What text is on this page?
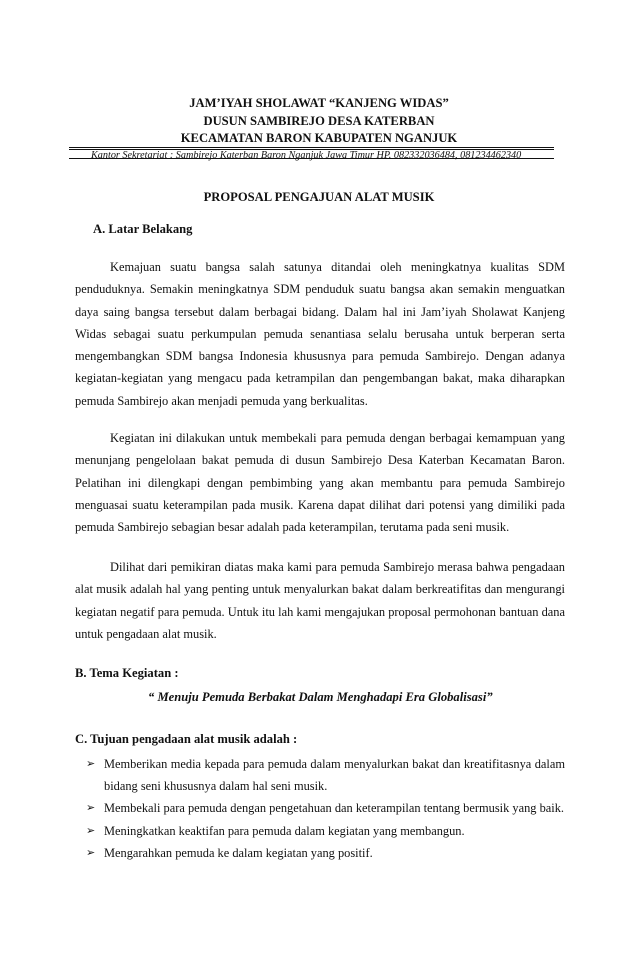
JAM’IYAH SHOLAWAT “KANJENG WIDAS”
DUSUN SAMBIREJO DESA KATERBAN
KECAMATAN BARON KABUPATEN NGANJUK
Kantor Sekretariat : Sambirejo Katerban Baron Nganjuk Jawa Timur HP. 082332036484, 081234462340
PROPOSAL PENGAJUAN ALAT MUSIK
A. Latar Belakang
Kemajuan suatu bangsa salah satunya ditandai oleh meningkatnya kualitas SDM penduduknya. Semakin meningkatnya SDM penduduk suatu bangsa akan semakin menguatkan daya saing bangsa tersebut dalam berbagai bidang. Dalam hal ini Jam’iyah Sholawat Kanjeng Widas sebagai suatu perkumpulan pemuda senantiasa selalu berusaha untuk berperan serta mengembangkan SDM bangsa Indonesia khususnya para pemuda Sambirejo. Dengan adanya kegiatan-kegiatan yang mengacu pada ketrampilan dan pengembangan bakat, maka diharapkan pemuda Sambirejo akan menjadi pemuda yang berkualitas.
Kegiatan ini dilakukan untuk membekali para pemuda dengan berbagai kemampuan yang menunjang pengelolaan bakat pemuda di dusun Sambirejo Desa Katerban Kecamatan Baron. Pelatihan ini dilengkapi dengan pembimbing yang akan membantu para pemuda Sambirejo menguasai suatu keterampilan pada musik. Karena dapat dilihat dari potensi yang dimiliki pada pemuda Sambirejo sebagian besar adalah pada keterampilan, terutama pada seni musik.
Dilihat dari pemikiran diatas maka kami para pemuda Sambirejo merasa bahwa pengadaan alat musik adalah hal yang penting untuk menyalurkan bakat dalam berkreatifitas dan mengurangi kegiatan negatif para pemuda. Untuk itu lah kami mengajukan proposal permohonan bantuan dana untuk pengadaan alat musik.
B. Tema Kegiatan :
“ Menuju Pemuda Berbakat Dalam Menghadapi Era Globalisasi”
C. Tujuan pengadaan alat musik adalah :
➢ Memberikan media kepada para pemuda dalam menyalurkan bakat dan kreatifitasnya dalam bidang seni khususnya dalam hal seni musik.
➢ Membekali para pemuda dengan pengetahuan dan keterampilan tentang bermusik yang baik.
➢ Meningkatkan keaktifan para pemuda dalam kegiatan yang membangun.
➢ Mengarahkan pemuda ke dalam kegiatan yang positif.
